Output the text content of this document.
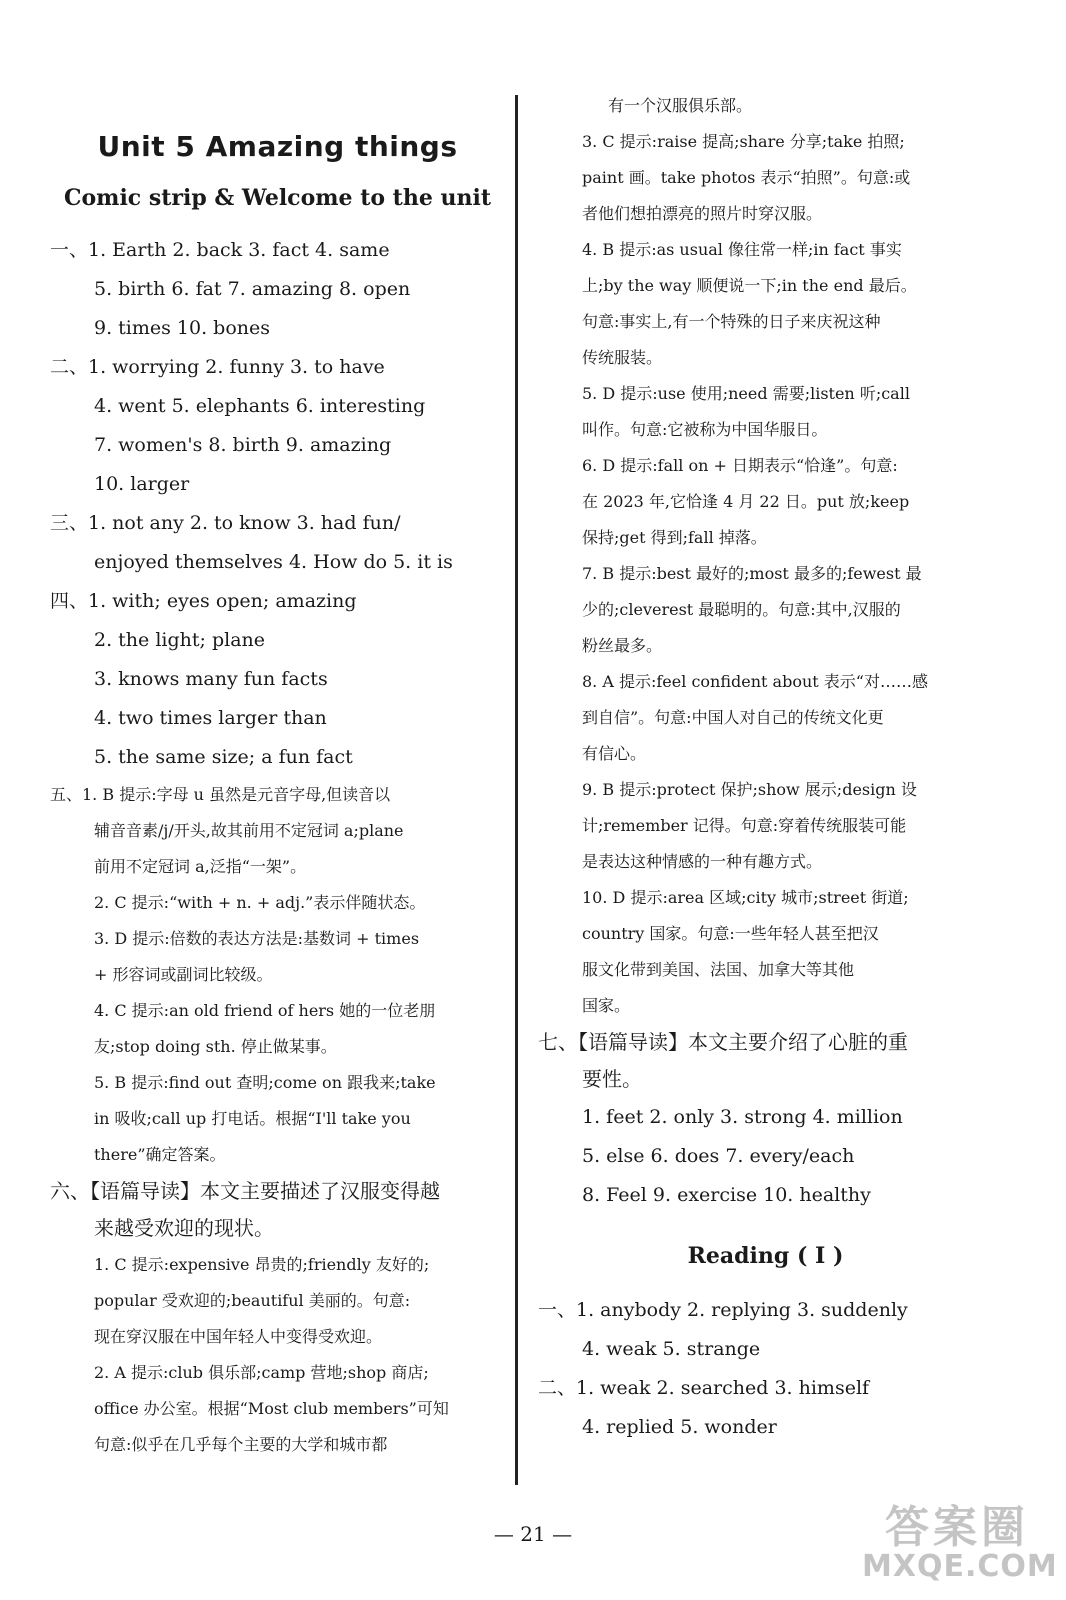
Unit 5 Amazing things
Comic strip & Welcome to the unit
一、1. Earth 2. back 3. fact 4. same
5. birth 6. fat 7. amazing 8. open
9. times 10. bones
二、1. worrying 2. funny 3. to have
4. went 5. elephants 6. interesting
7. women's 8. birth 9. amazing
10. larger
三、1. not any 2. to know 3. had fun/
enjoyed themselves 4. How do 5. it is
四、1. with; eyes open; amazing
2. the light; plane
3. knows many fun facts
4. two times larger than
5. the same size; a fun fact
五、1. B 提示:字母 u 虽然是元音字母,但读音以
辅音音素/j/开头,故其前用不定冠词 a;plane
前用不定冠词 a,泛指“一架”。
2. C 提示:“with + n. + adj.”表示伴随状态。
3. D 提示:倍数的表达方法是:基数词 + times
+ 形容词或副词比较级。
4. C 提示:an old friend of hers 她的一位老朋
友;stop doing sth. 停止做某事。
5. B 提示:find out 查明;come on 跟我来;take
in 吸收;call up 打电话。根据“I'll take you
there”确定答案。
六、【语篇导读】本文主要描述了汉服变得越
来越受欢迎的现状。
1. C 提示:expensive 昂贵的;friendly 友好的;
popular 受欢迎的;beautiful 美丽的。句意:
现在穿汉服在中国年轻人中变得受欢迎。
2. A 提示:club 俱乐部;camp 营地;shop 商店;
office 办公室。根据“Most club members”可知
句意:似乎在几乎每个主要的大学和城市都
有一个汉服俱乐部。
3. C 提示:raise 提高;share 分享;take 拍照;
paint 画。take photos 表示“拍照”。句意:或
者他们想拍漂亮的照片时穿汉服。
4. B 提示:as usual 像往常一样;in fact 事实
上;by the way 顺便说一下;in the end 最后。
句意:事实上,有一个特殊的日子来庆祝这种
传统服装。
5. D 提示:use 使用;need 需要;listen 听;call
叫作。句意:它被称为中国华服日。
6. D 提示:fall on + 日期表示“恰逢”。句意:
在 2023 年,它恰逢 4 月 22 日。put 放;keep
保持;get 得到;fall 掉落。
7. B 提示:best 最好的;most 最多的;fewest 最
少的;cleverest 最聪明的。句意:其中,汉服的
粉丝最多。
8. A 提示:feel confident about 表示“对……感
到自信”。句意:中国人对自己的传统文化更
有信心。
9. B 提示:protect 保护;show 展示;design 设
计;remember 记得。句意:穿着传统服装可能
是表达这种情感的一种有趣方式。
10. D 提示:area 区域;city 城市;street 街道;
country 国家。句意:一些年轻人甚至把汉
服文化带到美国、法国、加拿大等其他
国家。
七、【语篇导读】本文主要介绍了心脏的重
要性。
1. feet 2. only 3. strong 4. million
5. else 6. does 7. every/each
8. Feel 9. exercise 10. healthy
Reading ( I )
一、1. anybody 2. replying 3. suddenly
4. weak 5. strange
二、1. weak 2. searched 3. himself
4. replied 5. wonder
— 21 —	答案圈
MXQE.COM
